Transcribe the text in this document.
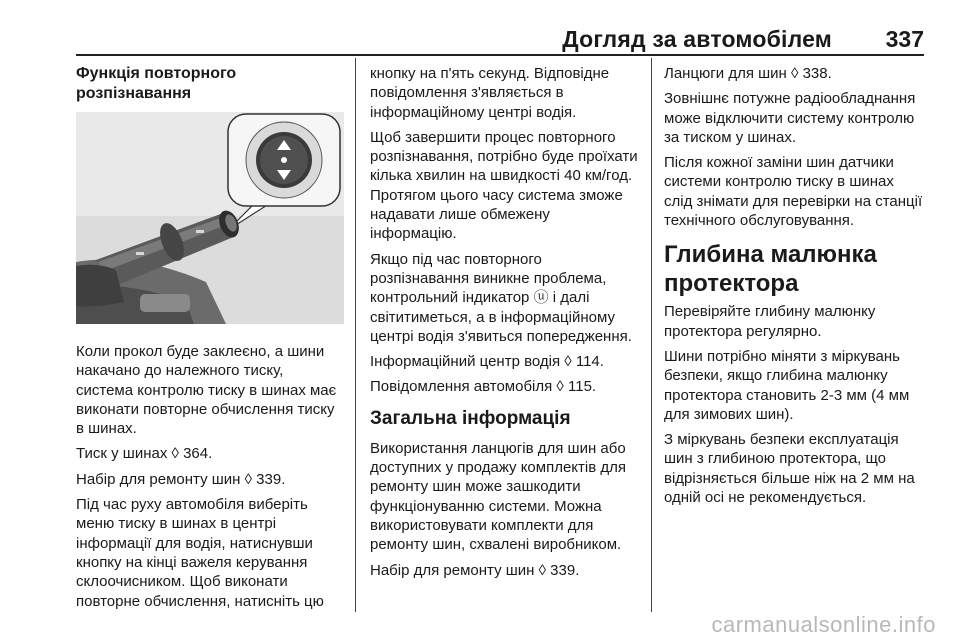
Догляд за автомобілем 337
Функція повторного розпізнавання

Коли прокол буде заклеєно, а шини накачано до належного тиску, система контролю тиску в шинах має виконати повторне обчислення тиску в шинах.

Тиск у шинах ◊ 364.

Набір для ремонту шин ◊ 339.

Під час руху автомобіля виберіть меню тиску в шинах в центрі інформації для водія, натиснувши кнопку на кінці важеля керування склоочисником. Щоб виконати повторне обчислення, натисніть цю

кнопку на п'ять секунд. Відповідне повідомлення з'являється в інформаційному центрі водія.

Щоб завершити процес повторного розпізнавання, потрібно буде проїхати кілька хвилин на швидкості 40 км/год. Протягом цього часу система зможе надавати лише обмежену інформацію.

Якщо під час повторного розпізнавання виникне проблема, контрольний індикатор ⓤ і далі світитиметься, а в інформаційному центрі водія з'явиться попередження.

Інформаційний центр водія ◊ 114.

Повідомлення автомобіля ◊ 115.

Загальна інформація

Використання ланцюгів для шин або доступних у продажу комплектів для ремонту шин може зашкодити функціонуванню системи. Можна використовувати комплекти для ремонту шин, схвалені виробником.

Набір для ремонту шин ◊ 339.

Ланцюги для шин ◊ 338.

Зовнішнє потужне радіообладнання може відключити систему контролю за тиском у шинах.

Після кожної заміни шин датчики системи контролю тиску в шинах слід знімати для перевірки на станції технічного обслуговування.

Глибина малюнка протектора

Перевіряйте глибину малюнку протектора регулярно.

Шини потрібно міняти з міркувань безпеки, якщо глибина малюнку протектора становить 2-3 мм (4 мм для зимових шин).

З міркувань безпеки експлуатація шин з глибиною протектора, що відрізняється більше ніж на 2 мм на одній осі не рекомендується.

carmanualsonline.info
